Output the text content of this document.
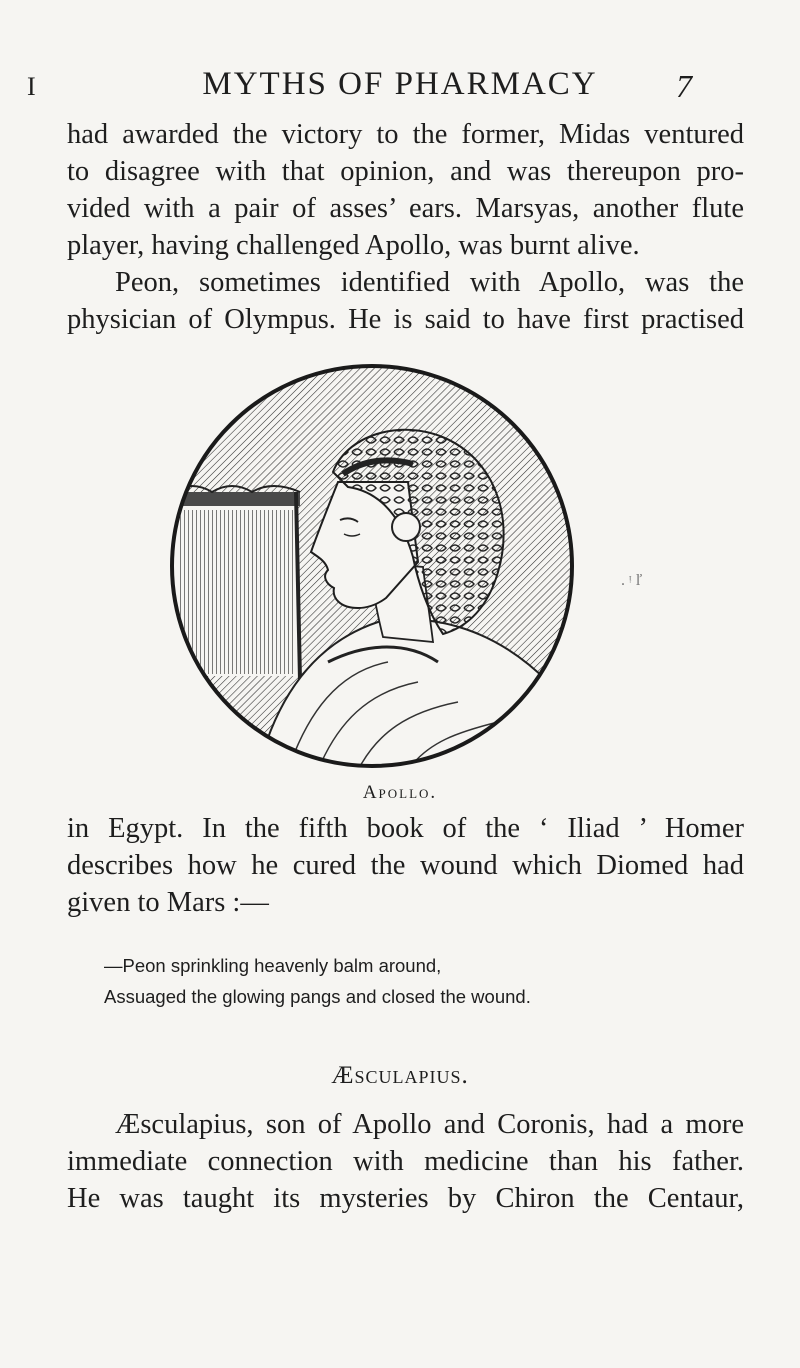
I	MYTHS OF PHARMACY	7

had awarded the victory to the former, Midas ventured
to disagree with that opinion, and was thereupon pro-
vided with a pair of asses’ ears. Marsyas, another flute
player, having challenged Apollo, was burnt alive.
Peon, sometimes identified with Apollo, was the
physician of Olympus. He is said to have first practised

. ᵎ ľ
Apollo.

in Egypt. In the fifth book of the ‘ Iliad ’ Homer
describes how he cured the wound which Diomed had
given to Mars :—

—Peon sprinkling heavenly balm around,
Assuaged the glowing pangs and closed the wound.
Æsculapius.

Æsculapius, son of Apollo and Coronis, had a more
immediate connection with medicine than his father.
He was taught its mysteries by Chiron the Centaur,
